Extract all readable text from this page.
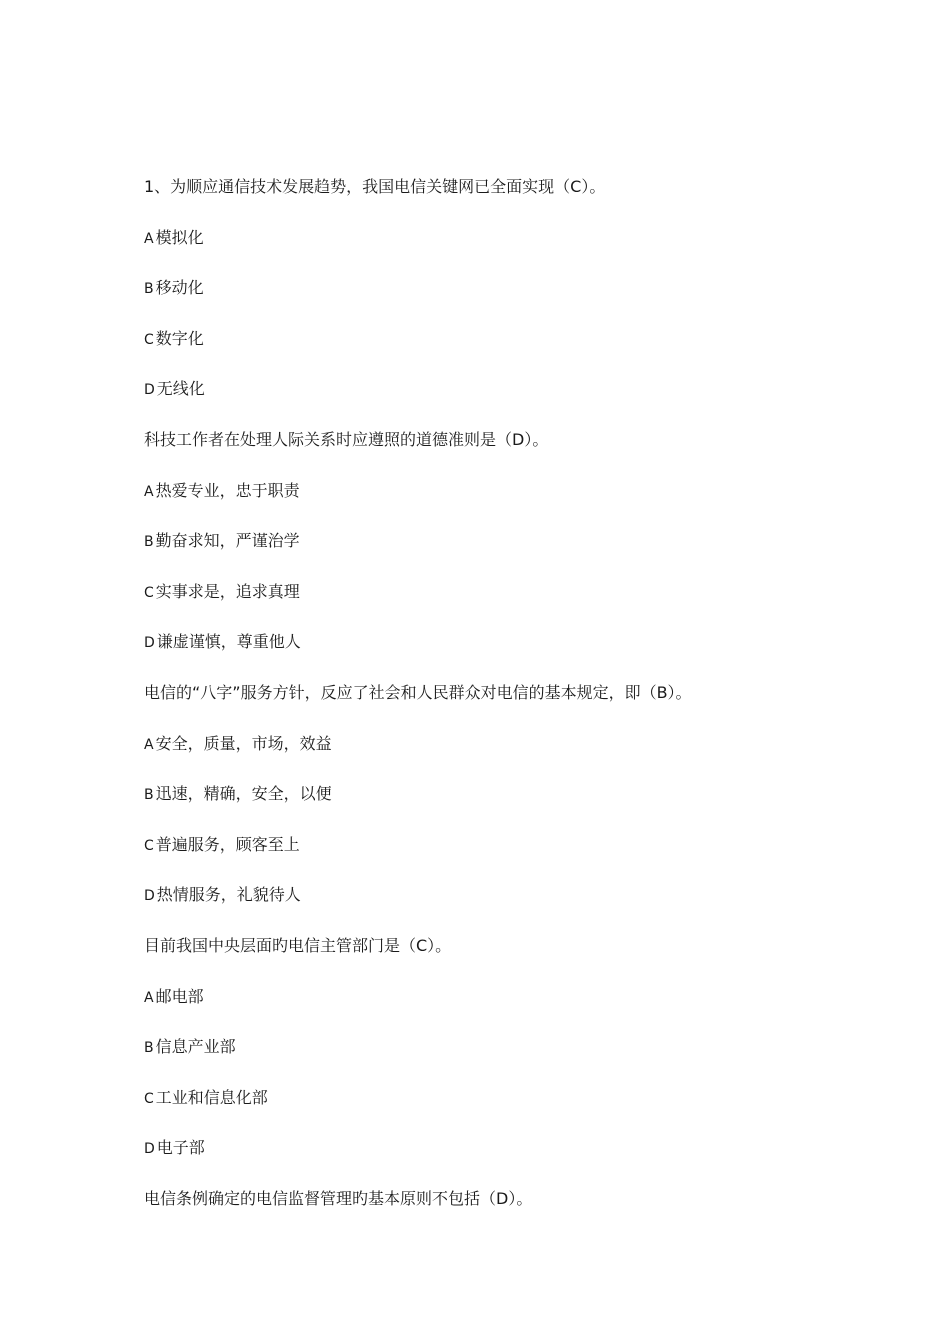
1、为顺应通信技术发展趋势，我国电信关键网已全面实现（C）。
A 模拟化
B 移动化
C 数字化
D 无线化
科技工作者在处理人际关系时应遵照的道德准则是（D）。
A 热爱专业，忠于职责
B 勤奋求知，严谨治学
C 实事求是，追求真理
D 谦虚谨慎，尊重他人
电信的“八字”服务方针，反应了社会和人民群众对电信的基本规定，即（B）。
A 安全，质量，市场，效益
B 迅速，精确，安全，以便
C 普遍服务，顾客至上
D 热情服务，礼貌待人
目前我国中央层面旳电信主管部门是（C）。
A 邮电部
B 信息产业部
C 工业和信息化部
D 电子部
电信条例确定的电信监督管理旳基本原则不包括（D）。
